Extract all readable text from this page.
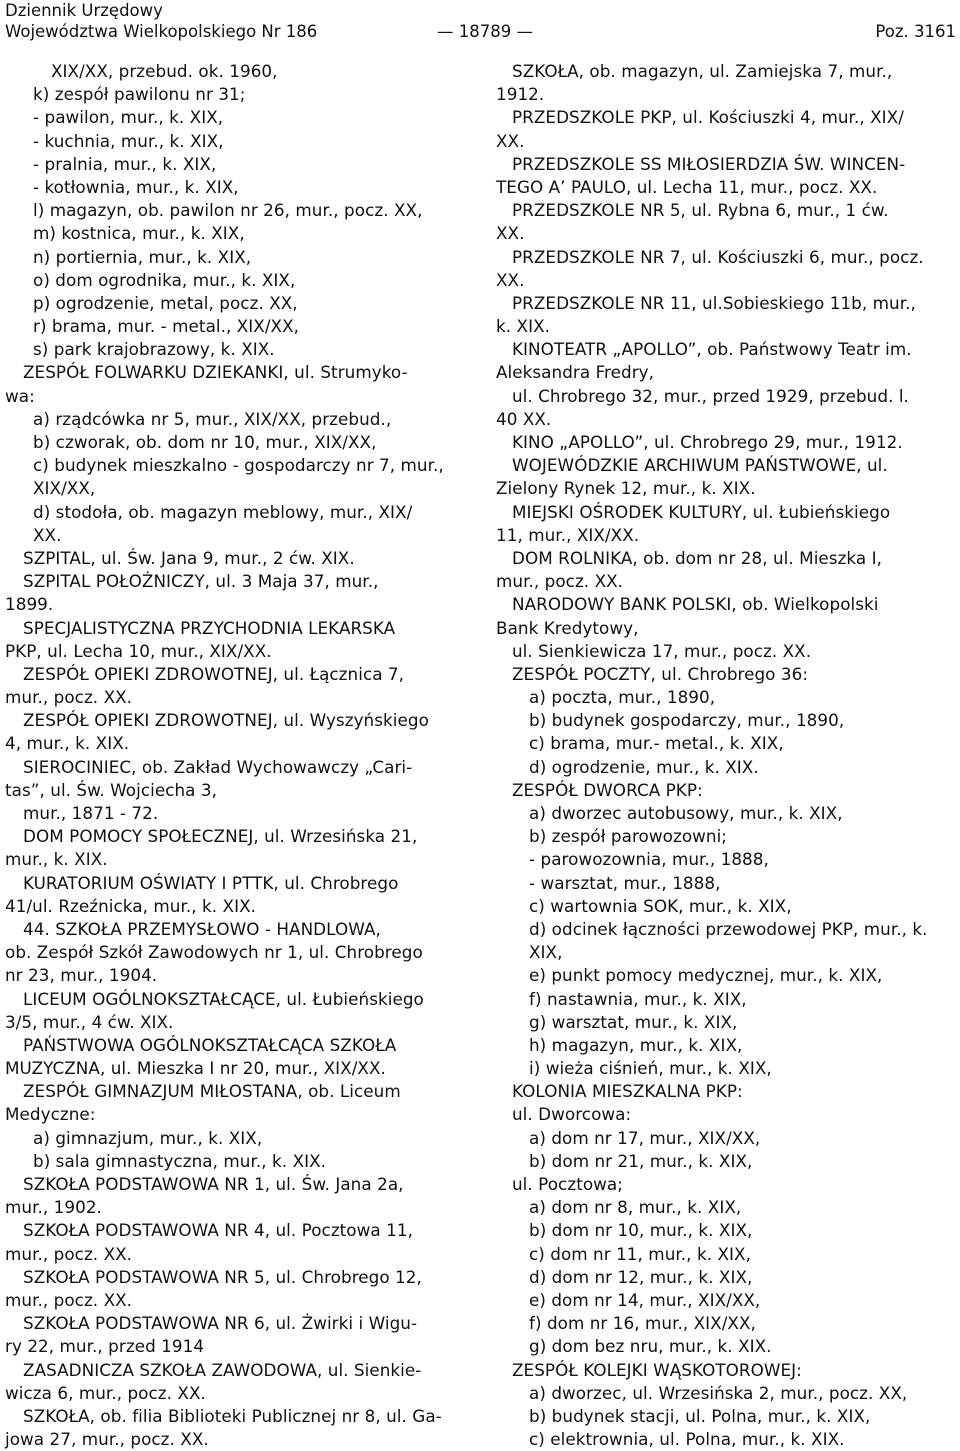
Dziennik Urzędowy
Województwa Wielkopolskiego Nr 186	— 18789 —	Poz. 3161
XIX/XX, przebud. ok. 1960,
k) zespół pawilonu nr 31;
- pawilon, mur., k. XIX,
- kuchnia, mur., k. XIX,
- pralnia, mur., k. XIX,
- kotłownia, mur., k. XIX,
l) magazyn, ob. pawilon nr 26, mur., pocz. XX,
m) kostnica, mur., k. XIX,
n) portiernia, mur., k. XIX,
o) dom ogrodnika, mur., k. XIX,
p) ogrodzenie, metal, pocz. XX,
r) brama, mur. - metal., XIX/XX,
s) park krajobrazowy, k. XIX.
ZESPÓŁ FOLWARKU DZIEKANKI, ul. Strumyko-
wa:
a) rządcówka nr 5, mur., XIX/XX, przebud.,
b) czworak, ob. dom nr 10, mur., XIX/XX,
c) budynek mieszkalno - gospodarczy nr 7, mur.,
XIX/XX,
d) stodoła, ob. magazyn meblowy, mur., XIX/
XX.
SZPITAL, ul. Św. Jana 9, mur., 2 ćw. XIX.
SZPITAL POŁOŻNICZY, ul. 3 Maja 37, mur.,
1899.
SPECJALISTYCZNA PRZYCHODNIA LEKARSKA
PKP, ul. Lecha 10, mur., XIX/XX.
ZESPÓŁ OPIEKI ZDROWOTNEJ, ul. Łącznica 7,
mur., pocz. XX.
ZESPÓŁ OPIEKI ZDROWOTNEJ, ul. Wyszyńskiego
4, mur., k. XIX.
SIEROCINIEC, ob. Zakład Wychowawczy „Cari-
tas”, ul. Św. Wojciecha 3,
mur., 1871 - 72.
DOM POMOCY SPOŁECZNEJ, ul. Wrzesińska 21,
mur., k. XIX.
KURATORIUM OŚWIATY I PTTK, ul. Chrobrego
41/ul. Rzeźnicka, mur., k. XIX.
44. SZKOŁA PRZEMYSŁOWO - HANDLOWA,
ob. Zespół Szkół Zawodowych nr 1, ul. Chrobrego
nr 23, mur., 1904.
LICEUM OGÓLNOKSZTAŁCĄCE, ul. Łubieńskiego
3/5, mur., 4 ćw. XIX.
PAŃSTWOWA OGÓLNOKSZTAŁCĄCA SZKOŁA
MUZYCZNA, ul. Mieszka I nr 20, mur., XIX/XX.
ZESPÓŁ GIMNAZJUM MIŁOSTANA, ob. Liceum
Medyczne:
a) gimnazjum, mur., k. XIX,
b) sala gimnastyczna, mur., k. XIX.
SZKOŁA PODSTAWOWA NR 1, ul. Św. Jana 2a,
mur., 1902.
SZKOŁA PODSTAWOWA NR 4, ul. Pocztowa 11,
mur., pocz. XX.
SZKOŁA PODSTAWOWA NR 5, ul. Chrobrego 12,
mur., pocz. XX.
SZKOŁA PODSTAWOWA NR 6, ul. Żwirki i Wigu-
ry 22, mur., przed 1914
ZASADNICZA SZKOŁA ZAWODOWA, ul. Sienkie-
wicza 6, mur., pocz. XX.
SZKOŁA, ob. filia Biblioteki Publicznej nr 8, ul. Ga-
jowa 27, mur., pocz. XX.
SZKOŁA, ob. magazyn, ul. Zamiejska 7, mur.,
1912.
PRZEDSZKOLE PKP, ul. Kościuszki 4, mur., XIX/
XX.
PRZEDSZKOLE SS MIŁOSIERDZIA ŚW. WINCEN-
TEGO A’ PAULO, ul. Lecha 11, mur., pocz. XX.
PRZEDSZKOLE NR 5, ul. Rybna 6, mur., 1 ćw.
XX.
PRZEDSZKOLE NR 7, ul. Kościuszki 6, mur., pocz.
XX.
PRZEDSZKOLE NR 11, ul.Sobieskiego 11b, mur.,
k. XIX.
KINOTEATR „APOLLO”, ob. Państwowy Teatr im.
Aleksandra Fredry,
ul. Chrobrego 32, mur., przed 1929, przebud. l.
40 XX.
KINO „APOLLO”, ul. Chrobrego 29, mur., 1912.
WOJEWÓDZKIE ARCHIWUM PAŃSTWOWE, ul.
Zielony Rynek 12, mur., k. XIX.
MIEJSKI OŚRODEK KULTURY, ul. Łubieńskiego
11, mur., XIX/XX.
DOM ROLNIKA, ob. dom nr 28, ul. Mieszka I,
mur., pocz. XX.
NARODOWY BANK POLSKI, ob. Wielkopolski
Bank Kredytowy,
ul. Sienkiewicza 17, mur., pocz. XX.
ZESPÓŁ POCZTY, ul. Chrobrego 36:
a) poczta, mur., 1890,
b) budynek gospodarczy, mur., 1890,
c) brama, mur.- metal., k. XIX,
d) ogrodzenie, mur., k. XIX.
ZESPÓŁ DWORCA PKP:
a) dworzec autobusowy, mur., k. XIX,
b) zespół parowozowni;
- parowozownia, mur., 1888,
- warsztat, mur., 1888,
c) wartownia SOK, mur., k. XIX,
d) odcinek łączności przewodowej PKP, mur., k.
XIX,
e) punkt pomocy medycznej, mur., k. XIX,
f) nastawnia, mur., k. XIX,
g) warsztat, mur., k. XIX,
h) magazyn, mur., k. XIX,
i) wieża ciśnień, mur., k. XIX,
KOLONIA MIESZKALNA PKP:
ul. Dworcowa:
a) dom nr 17, mur., XIX/XX,
b) dom nr 21, mur., k. XIX,
ul. Pocztowa;
a) dom nr 8, mur., k. XIX,
b) dom nr 10, mur., k. XIX,
c) dom nr 11, mur., k. XIX,
d) dom nr 12, mur., k. XIX,
e) dom nr 14, mur., XIX/XX,
f) dom nr 16, mur., XIX/XX,
g) dom bez nru, mur., k. XIX.
ZESPÓŁ KOLEJKI WĄSKOTOROWEJ:
a) dworzec, ul. Wrzesińska 2, mur., pocz. XX,
b) budynek stacji, ul. Polna, mur., k. XIX,
c) elektrownia, ul. Polna, mur., k. XIX.
